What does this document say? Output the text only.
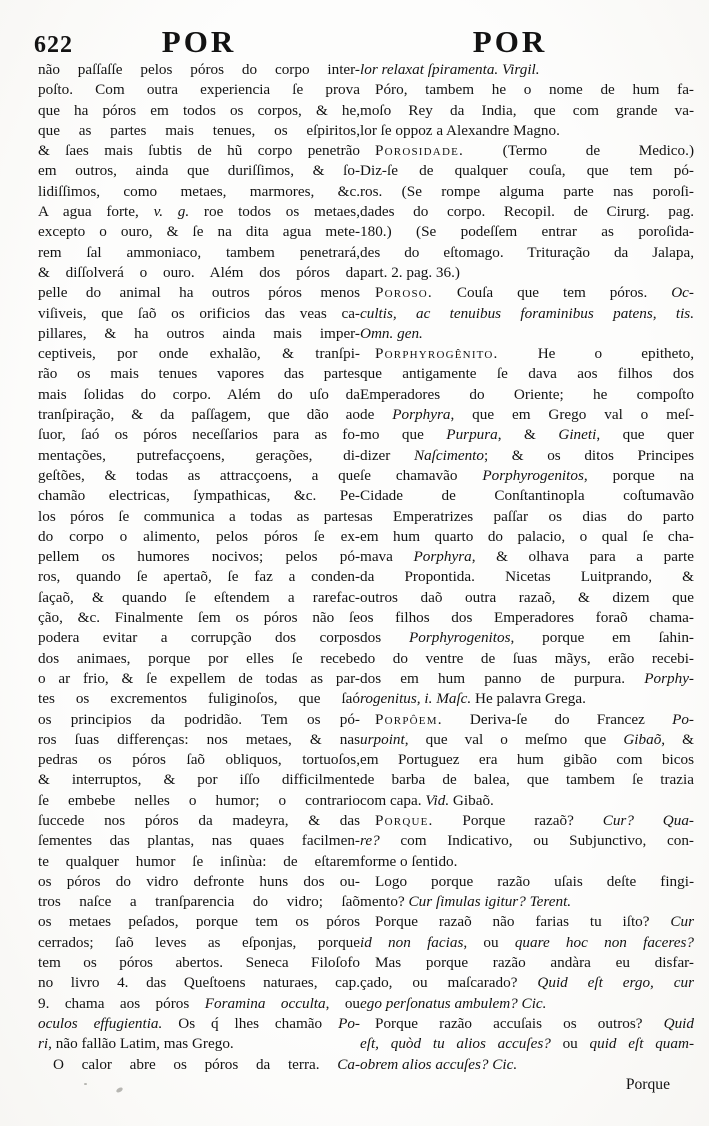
622	POR	POR
não paſſaſſe pelos póros do corpo inter-
poſto. Com outra experiencia ſe prova
que ha póros em todos os corpos, & he,
que as partes mais tenues, os eſpiritos,
& ſaes mais ſubtis de hũ corpo penetrão
em outros, ainda que duriſſimos, & ſo-
lidiſſimos, como metaes, marmores, &c.
A agua forte, v. g. roe todos os metaes,
excepto o ouro, & ſe na dita agua mete-
rem ſal ammoniaco, tambem penetrará,
& diſſolverá o ouro. Além dos póros da
pelle do animal ha outros póros menos
viſiveis, que ſaõ os orificios das veas ca-
pillares, & ha outros ainda mais imper-
ceptiveis, por onde exhalão, & tranſpi-
rão os mais tenues vapores das partes
mais ſolidas do corpo. Além do uſo da
tranſpiração, & da paſſagem, que dão ao
ſuor, ſaó os póros neceſſarios para as fo-
mentações, putrefacçoens, gerações, di-
geſtões, & todas as attracçoens, a que
chamão electricas, ſympathicas, &c. Pe-
los póros ſe communica a todas as partes
do corpo o alimento, pelos póros ſe ex-
pellem os humores nocivos; pelos pó-
ros, quando ſe apertaõ, ſe faz a conden-
ſaçaõ, & quando ſe eſtendem a rarefac-
ção, &c. Finalmente ſem os póros não ſe
podera evitar a corrupção dos corpos
dos animaes, porque por elles ſe recebe
o ar frio, & ſe expellem de todas as par-
tes os excrementos fuliginoſos, que ſaó
os principios da podridão. Tem os pó-
ros ſuas differenças: nos metaes, & nas
pedras os póros ſaõ obliquos, tortuoſos,
& interruptos, & por iſſo difficilmente
ſe embebe nelles o humor; o contrario
ſuccede nos póros da madeyra, & das
ſementes das plantas, nas quaes facilmen-
te qualquer humor ſe inſinùa: de eſtarem
os póros do vidro defronte huns dos ou-
tros naſce a tranſparencia do vidro; ſaõ
os metaes peſados, porque tem os póros
cerrados; ſaõ leves as eſponjas, porque
tem os póros abertos. Seneca Filoſofo
no livro 4. das Queſtoens naturaes, cap.
9. chama aos póros Foramina occulta, ou
oculos effugientia. Os q́ lhes chamão Po-
ri, não fallão Latim, mas Grego.
O calor abre os póros da terra. Ca-
lor relaxat ſpiramenta. Virgil.
Póro, tambem he o nome de hum fa-
moſo Rey da India, que com grande va-
lor ſe oppoz a Alexandre Magno.
Porosidade. (Termo de Medico.)
Diz-ſe de qualquer couſa, que tem pó-
ros. (Se rompe alguma parte nas poroſi-
dades do corpo. Recopil. de Cirurg. pag.
180.) (Se podeſſem entrar as poroſida-
des do eſtomago. Trituração da Jalapa,
part. 2. pag. 36.)
Poroso. Couſa que tem póros. Oc-
cultis, ac tenuibus foraminibus patens, tis.
Omn. gen.
Porphyrogênito. He o epitheto,
que antigamente ſe dava aos filhos dos
Emperadores do Oriente; he compoſto
de Porphyra, que em Grego val o meſ-
mo que Purpura, & Gineti, que quer
dizer Naſcimento; & os ditos Principes
ſe chamavão Porphyrogenitos, porque na
Cidade de Conſtantinopla coſtumavão
as Emperatrizes paſſar os dias do parto
em hum quarto do palacio, o qual ſe cha-
mava Porphyra, & olhava para a parte
da Propontida. Nicetas Luitprando, &
outros daõ outra razaõ, & dizem que
os filhos dos Emperadores foraõ chama-
dos Porphyrogenitos, porque em ſahin-
do do ventre de ſuas mãys, erão recebi-
dos em hum panno de purpura. Porphy-
rogenitus, i. Maſc. He palavra Grega.
Porpôem. Deriva-ſe do Francez Po-
urpoint, que val o meſmo que Gibaõ, &
em Portuguez era hum gibão com bicos
de barba de balea, que tambem ſe trazia
com capa. Vid. Gibaõ.
Porque. Porque razaõ? Cur? Qua-
re? com Indicativo, ou Subjunctivo, con-
forme o ſentido.
Logo porque razão uſais deſte fingi-
mento? Cur ſimulas igitur? Terent.
Porque razaõ não farias tu iſto? Cur
id non facias, ou quare hoc non faceres?
Mas porque razão andàra eu disfar-
çado, ou maſcarado? Quid eſt ergo, cur
ego perſonatus ambulem? Cic.
Porque razão accuſais os outros? Quid
eſt, quòd tu alios accuſes? ou quid eſt quam-
obrem alios accuſes? Cic.
Porque
